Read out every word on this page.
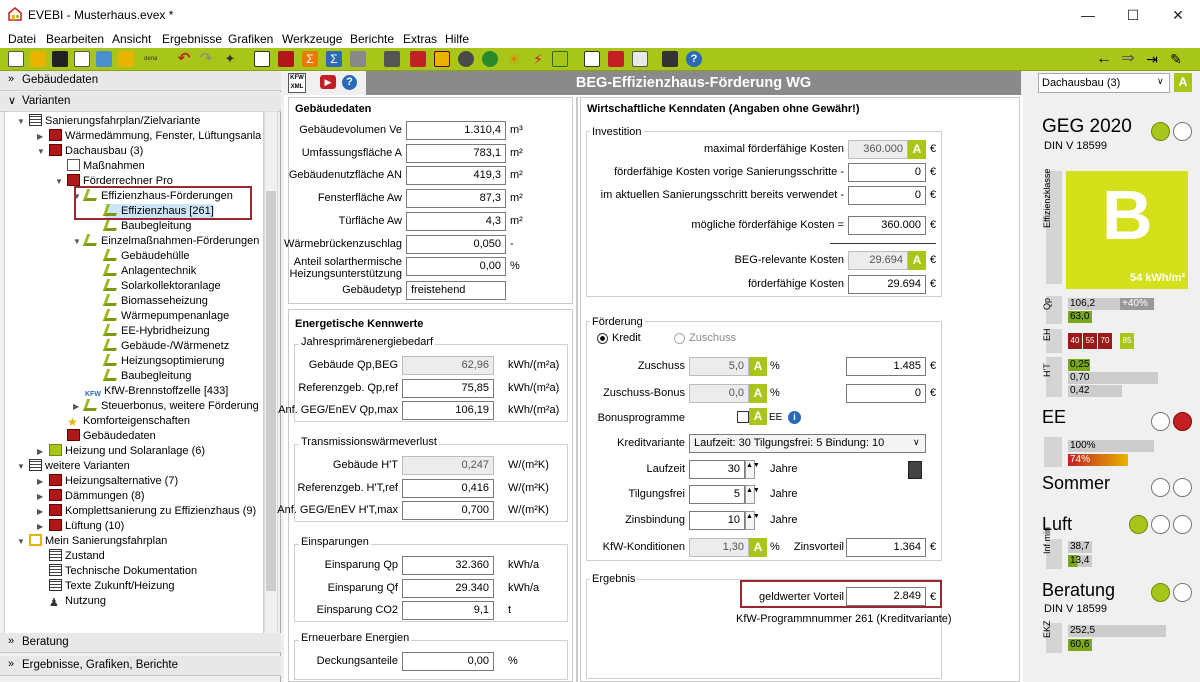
EVEBI - Musterhaus.evex *	—	☐	✕
Datei Bearbeiten Ansicht Ergebnisse Grafiken Werkzeuge Berichte Extras Hilfe
dena ↶ ↷ ✦	Σ	Σ	☀ ⚡	?	← ⇒ ⇥ ✎
» Gebäudedaten
∨ Varianten
▼ Sanierungsfahrplan/Zielvariante
▶ Wärmedämmung, Fenster, Lüftungsanla
▼ Dachausbau (3)
Maßnahmen
▼ Förderrechner Pro
▼ Effizienzhaus-Förderungen
Effizienzhaus [261]
Baubegleitung
▼ Einzelmaßnahmen-Förderungen
Gebäudehülle
Anlagentechnik
Solarkollektoranlage
Biomasseheizung
Wärmepumpenanlage
EE-Hybridheizung
Gebäude-/Wärmenetz
Heizungsoptimierung
Baubegleitung
KFW KfW-Brennstoffzelle [433]
▶ Steuerbonus, weitere Förderung
★ Komforteigenschaften
Gebäudedaten
▶ Heizung und Solaranlage (6)
▼ weitere Varianten
▶ Heizungsalternative (7)
▶ Dämmungen (8)
▶ Komplettsanierung zu Effizienzhaus (9)
▶ Lüftung (10)
▼ Mein Sanierungsfahrplan
Zustand
Technische Dokumentation
Texte Zukunft/Heizung
♟ Nutzung
» Beratung
» Ergebnisse, Grafiken, Berichte
KFW XML	▶	?	BEG-Effizienzhaus-Förderung WG
Gebäudedaten
Energetische Kennwerte
Wirtschaftliche Kenndaten (Angaben ohne Gewähr!)
Gebäudevolumen Ve	1.310,4 m³
Umfassungsfläche A	783,1 m²
Gebäudenutzfläche AN	419,3 m²
Fensterfläche Aw	87,3 m²
Türfläche Aw	4,3 m²
Wärmebrückenzuschlag	0,050 -
Anteil solarthermische
Heizungsunterstützung
0,00 %
Gebäudetyp freistehend
Jahresprimärenergiebedarf
Gebäude Qp,BEG	62,96	kWh/(m²a)
Referenzgeb. Qp,ref	75,85	kWh/(m²a)
Anf. GEG/EnEV Qp,max	106,19	kWh/(m²a)
Transmissionswärmeverlust
Gebäude H'T	0,247	W/(m²K)
Referenzgeb. H'T,ref	0,416	W/(m²K)
Anf. GEG/EnEV H'T,max	0,700	W/(m²K)
Einsparungen
Einsparung Qp	32.360	kWh/a
Einsparung Qf	29.340	kWh/a
Einsparung CO2	9,1	t
Erneuerbare Energien
Deckungsanteile	0,00	%
Investition
maximal förderfähige Kosten	360.000 A €
förderfähige Kosten vorige Sanierungsschritte -	0 €
im aktuellen Sanierungsschritt bereits verwendet -	0 €
mögliche förderfähige Kosten =	360.000 €
BEG-relevante Kosten	29.694 A €
förderfähige Kosten	29.694 €
Förderung
Kredit	Zuschuss
Zuschuss	5,0 A %	1.485 €
Zuschuss-Bonus	0,0 A %	0 €
Bonusprogramme	A EE	i
Kreditvariante Laufzeit: 30 Tilgungsfrei: 5 Bindung: 10	∨
Laufzeit	30 ▲▼ Jahre
Tilgungsfrei	5 ▲▼ Jahre
Zinsbindung	10 ▲▼ Jahre
KfW-Konditionen	1,30 A % Zinsvorteil	1.364 €
Ergebnis
geldwerter Vorteil	2.849 €
KfW-Programmnummer 261 (Kreditvariante)
Dachausbau (3)	∨	A
GEG 2020
DIN V 18599
Effizienzklasse B
54 kWh/m²
Qp 106,2	+40%
63,0
EH	40 55 70	85
H'T 0,25
0,70
0,42
EE
100%
74%
Sommer
Luft
Inf min 38,7
13,4
Beratung
DIN V 18599
EKZ 252,5
60,6
